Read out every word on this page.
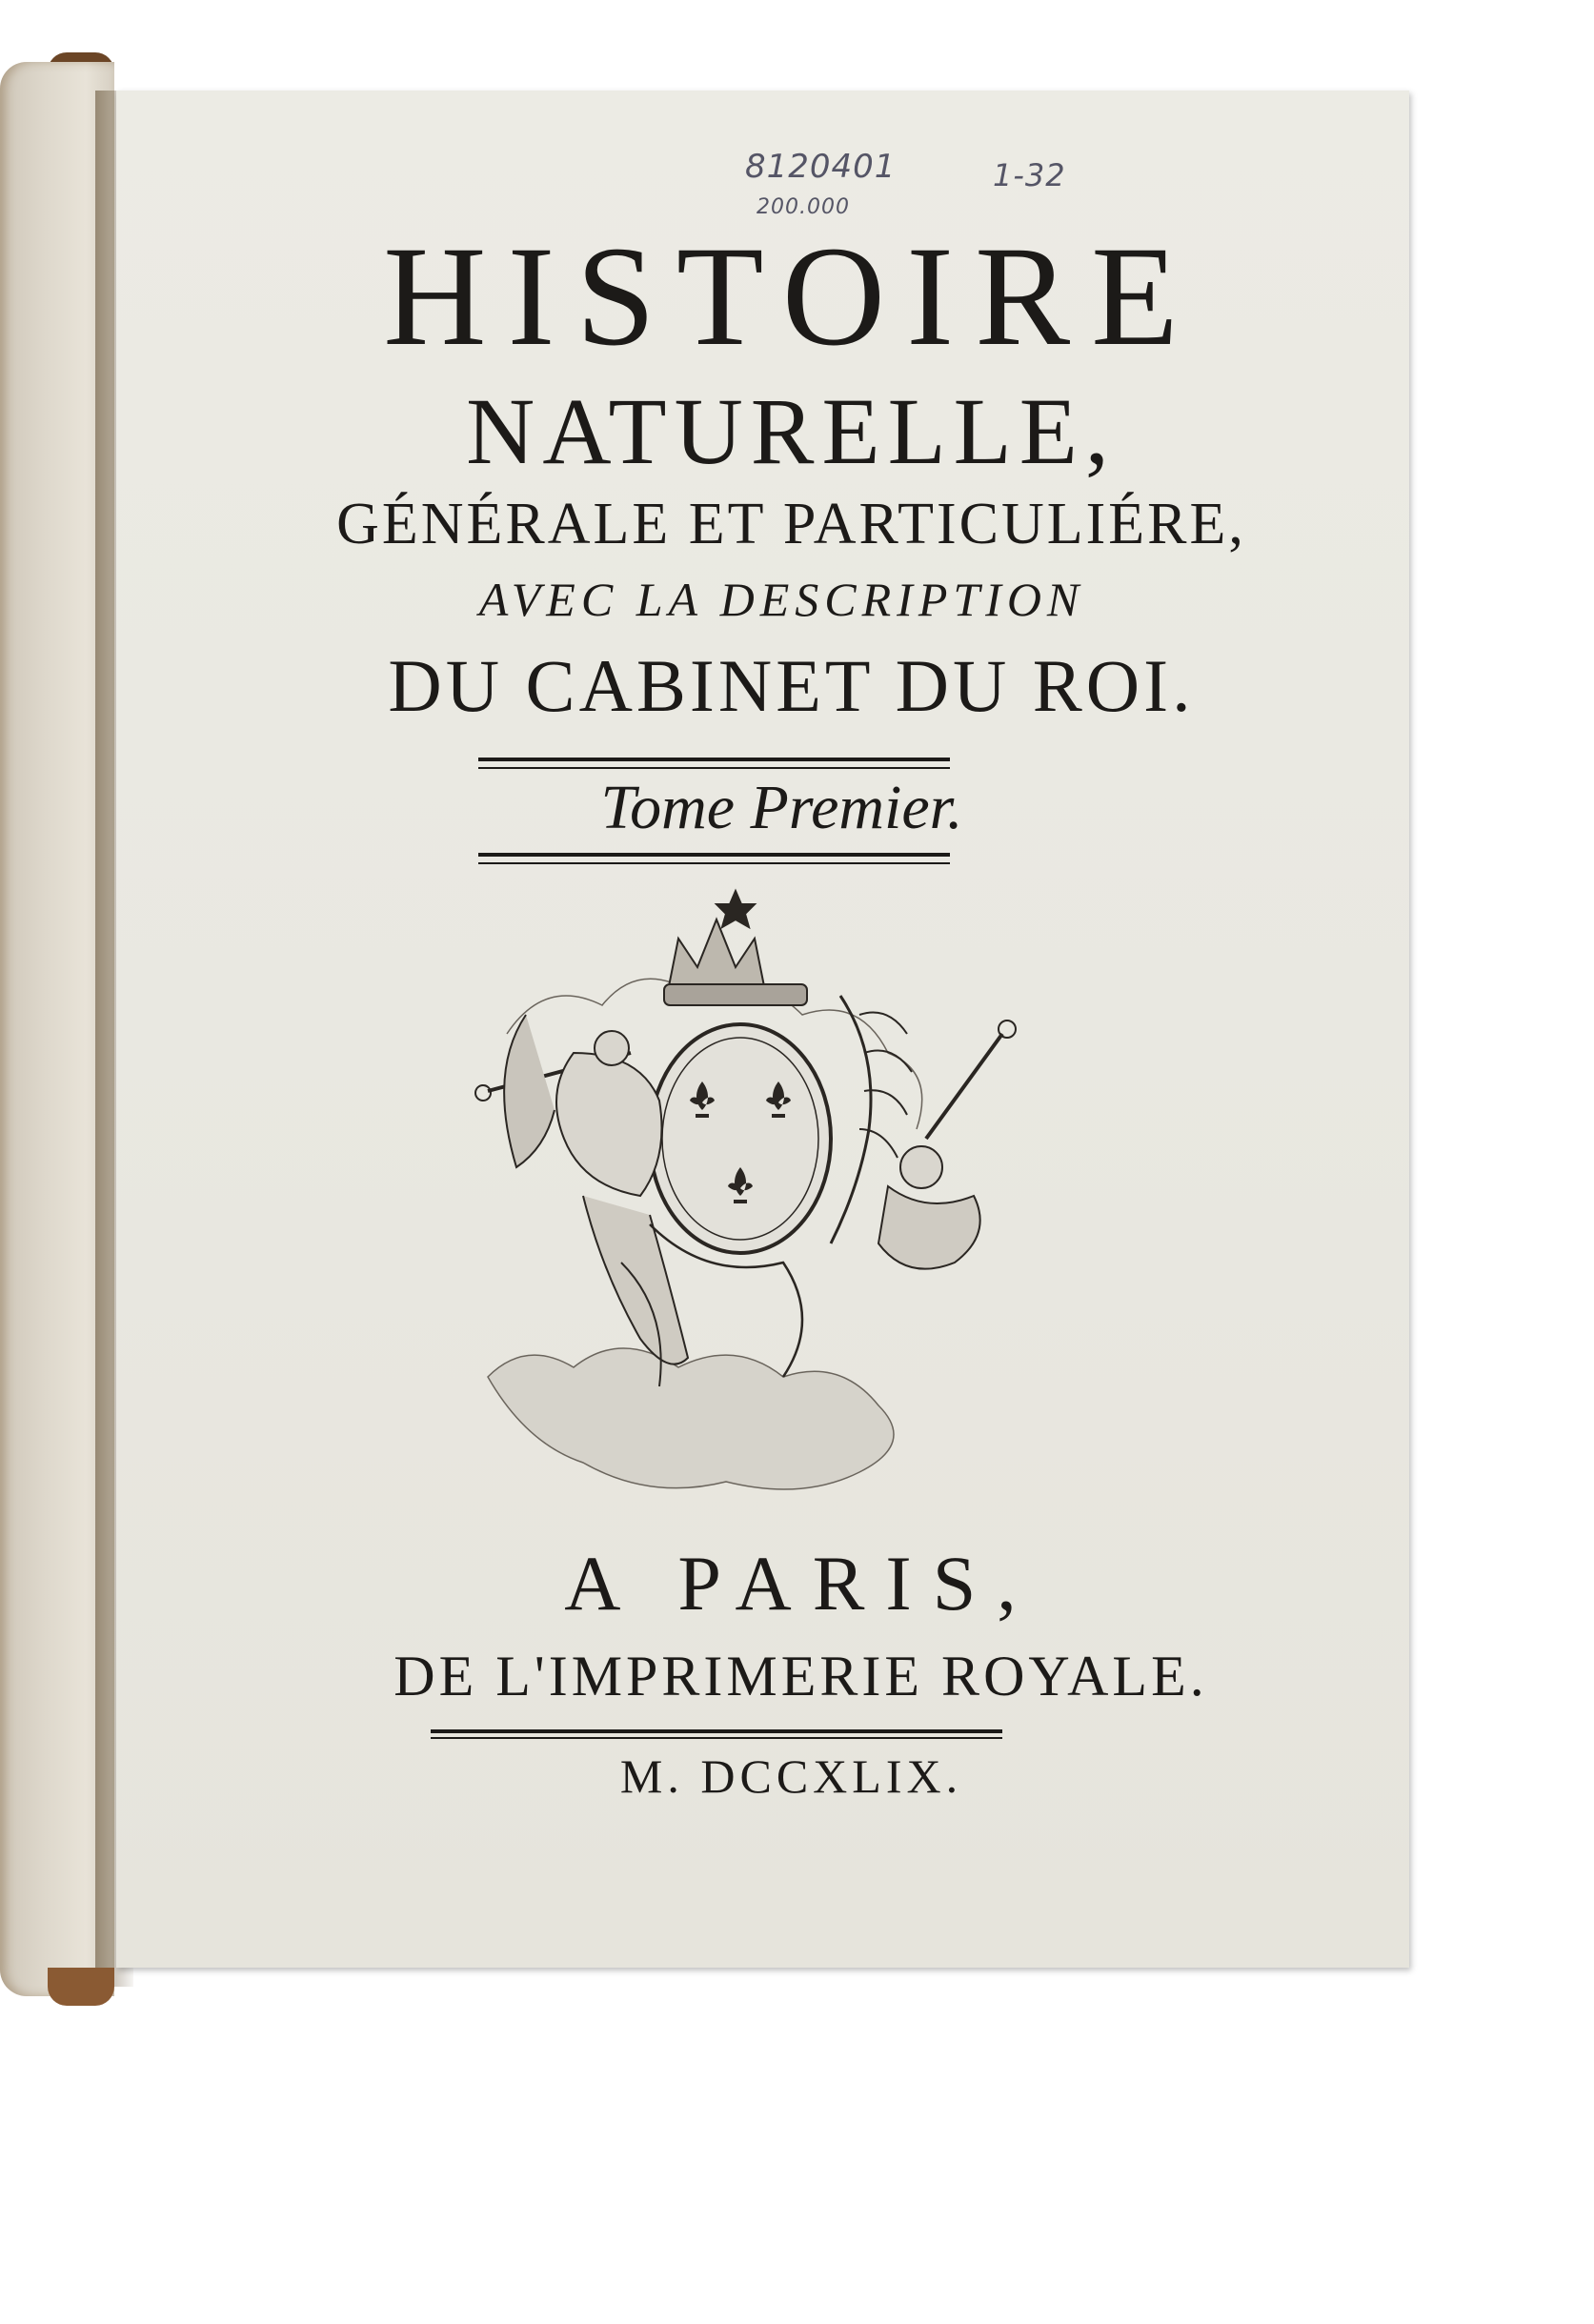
8120401
200.000
1-32
HISTOIRE
NATURELLE,
GÉNÉRALE ET PARTICULIÉRE,
AVEC LA DESCRIPTION
DU CABINET DU ROI.
Tome Premier.
A PARIS,
DE L'IMPRIMERIE ROYALE.
M. DCCXLIX.
